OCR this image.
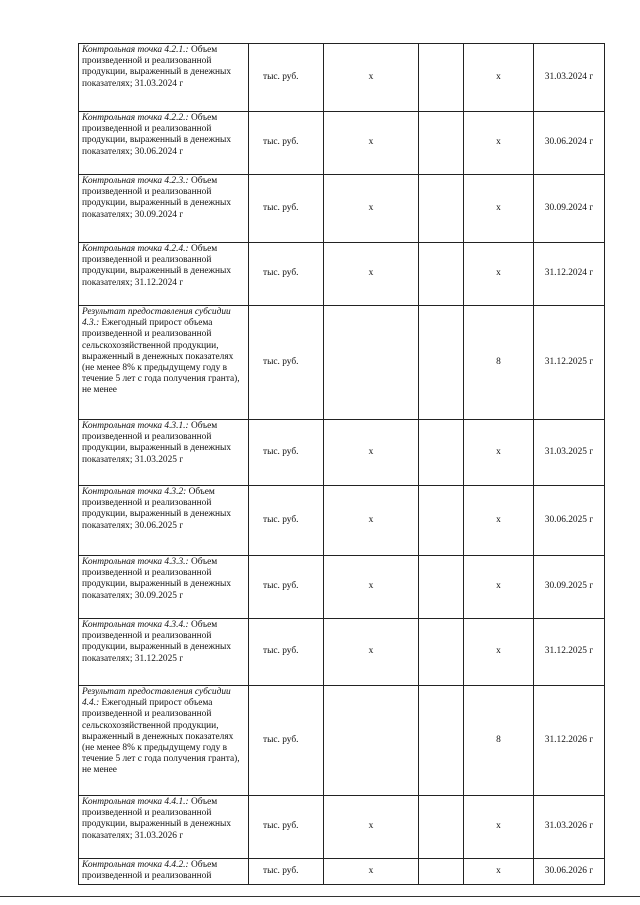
Контрольная точка 4.2.1.: Объем произведенной и реализованной продукции, выраженный в денежных показателях; 31.03.2024 г	тыс. руб.	х		х	31.03.2024 г
Контрольная точка 4.2.2.: Объем произведенной и реализованной продукции, выраженный в денежных показателях; 30.06.2024 г	тыс. руб.	х		х	30.06.2024 г
Контрольная точка 4.2.3.: Объем произведенной и реализованной продукции, выраженный в денежных показателях; 30.09.2024 г	тыс. руб.	х		х	30.09.2024 г
Контрольная точка 4.2.4.: Объем произведенной и реализованной продукции, выраженный в денежных показателях; 31.12.2024 г	тыс. руб.	х		х	31.12.2024 г
Результат предоставления субсидии 4.3.: Ежегодный прирост объема произведенной и реализованной сельскохозяйственной продукции, выраженный в денежных показателях (не менее 8% к предыдущему году в течение 5 лет с года получения гранта), не менее	тыс. руб.			8	31.12.2025 г
Контрольная точка 4.3.1.: Объем произведенной и реализованной продукции, выраженный в денежных показателях; 31.03.2025 г	тыс. руб.	х		х	31.03.2025 г
Контрольная точка 4.3.2: Объем произведенной и реализованной продукции, выраженный в денежных показателях; 30.06.2025 г	тыс. руб.	х		х	30.06.2025 г
Контрольная точка 4.3.3.: Объем произведенной и реализованной продукции, выраженный в денежных показателях; 30.09.2025 г	тыс. руб.	х		х	30.09.2025 г
Контрольная точка 4.3.4.: Объем произведенной и реализованной продукции, выраженный в денежных показателях; 31.12.2025 г	тыс. руб.	х		х	31.12.2025 г
Результат предоставления субсидии 4.4.: Ежегодный прирост объема произведенной и реализованной сельскохозяйственной продукции, выраженный в денежных показателях (не менее 8% к предыдущему году в течение 5 лет с года получения гранта), не менее	тыс. руб.			8	31.12.2026 г
Контрольная точка 4.4.1.: Объем произведенной и реализованной продукции, выраженный в денежных показателях; 31.03.2026 г	тыс. руб.	х		х	31.03.2026 г
Контрольная точка 4.4.2.: Объем произведенной и реализованной	тыс. руб.	х		х	30.06.2026 г
